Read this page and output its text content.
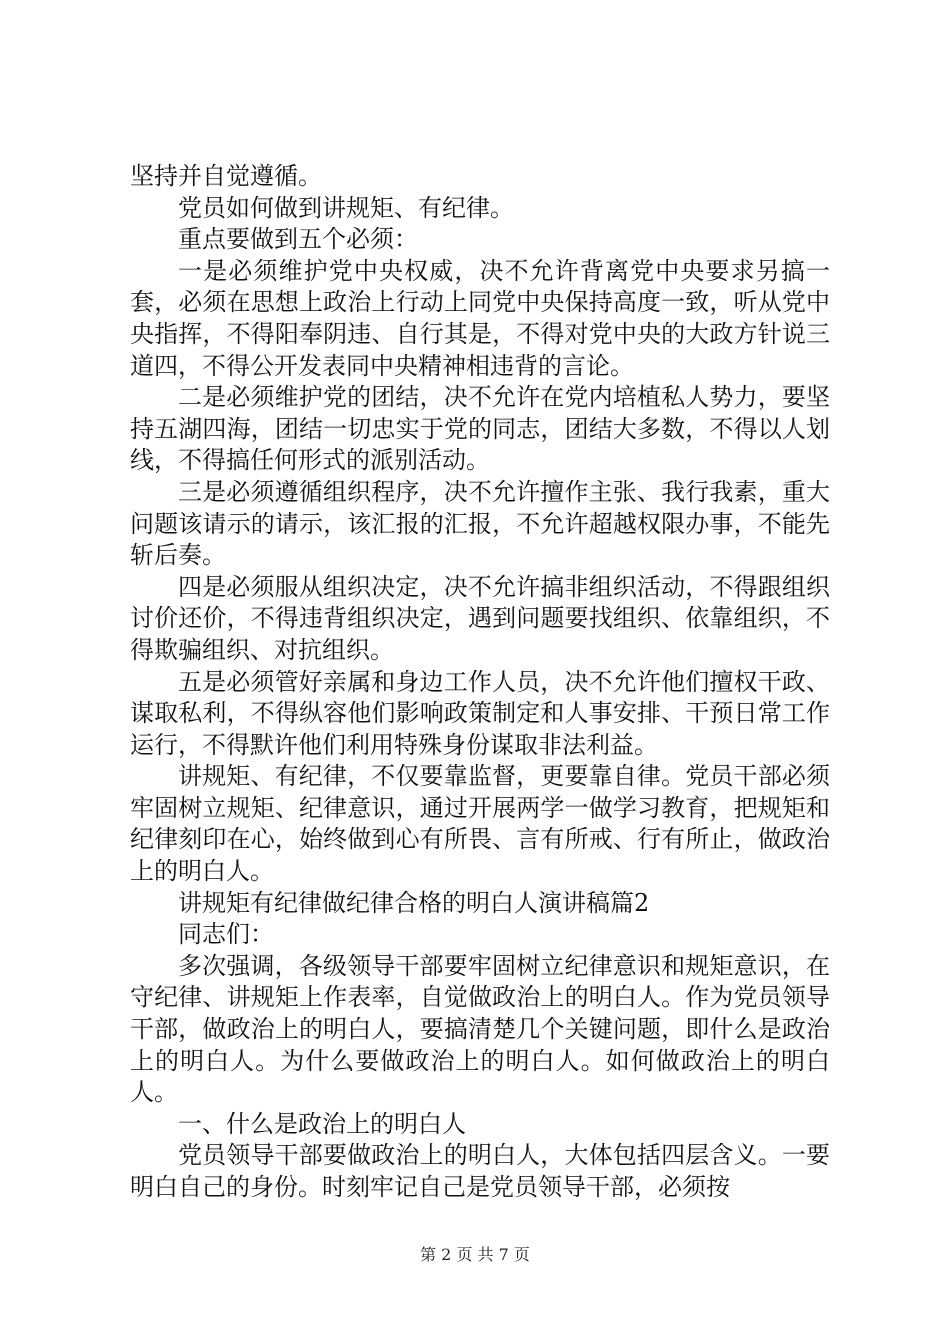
坚持并自觉遵循。

党员如何做到讲规矩、有纪律。

重点要做到五个必须：

一是必须维护党中央权威，决不允许背离党中央要求另搞一套，必须在思想上政治上行动上同党中央保持高度一致，听从党中央指挥，不得阳奉阴违、自行其是，不得对党中央的大政方针说三道四，不得公开发表同中央精神相违背的言论。

二是必须维护党的团结，决不允许在党内培植私人势力，要坚持五湖四海，团结一切忠实于党的同志，团结大多数，不得以人划线，不得搞任何形式的派别活动。

三是必须遵循组织程序，决不允许擅作主张、我行我素，重大问题该请示的请示，该汇报的汇报，不允许超越权限办事，不能先斩后奏。

四是必须服从组织决定，决不允许搞非组织活动，不得跟组织讨价还价，不得违背组织决定，遇到问题要找组织、依靠组织，不得欺骗组织、对抗组织。

五是必须管好亲属和身边工作人员，决不允许他们擅权干政、谋取私利，不得纵容他们影响政策制定和人事安排、干预日常工作运行，不得默许他们利用特殊身份谋取非法利益。

讲规矩、有纪律，不仅要靠监督，更要靠自律。党员干部必须牢固树立规矩、纪律意识，通过开展两学一做学习教育，把规矩和纪律刻印在心，始终做到心有所畏、言有所戒、行有所止，做政治上的明白人。

讲规矩有纪律做纪律合格的明白人演讲稿篇2

同志们：

多次强调，各级领导干部要牢固树立纪律意识和规矩意识，在守纪律、讲规矩上作表率，自觉做政治上的明白人。作为党员领导干部，做政治上的明白人，要搞清楚几个关键问题，即什么是政治上的明白人。为什么要做政治上的明白人。如何做政治上的明白人。

一、什么是政治上的明白人

党员领导干部要做政治上的明白人，大体包括四层含义。一要明白自己的身份。时刻牢记自己是党员领导干部，必须按

第 2 页 共 7 页
